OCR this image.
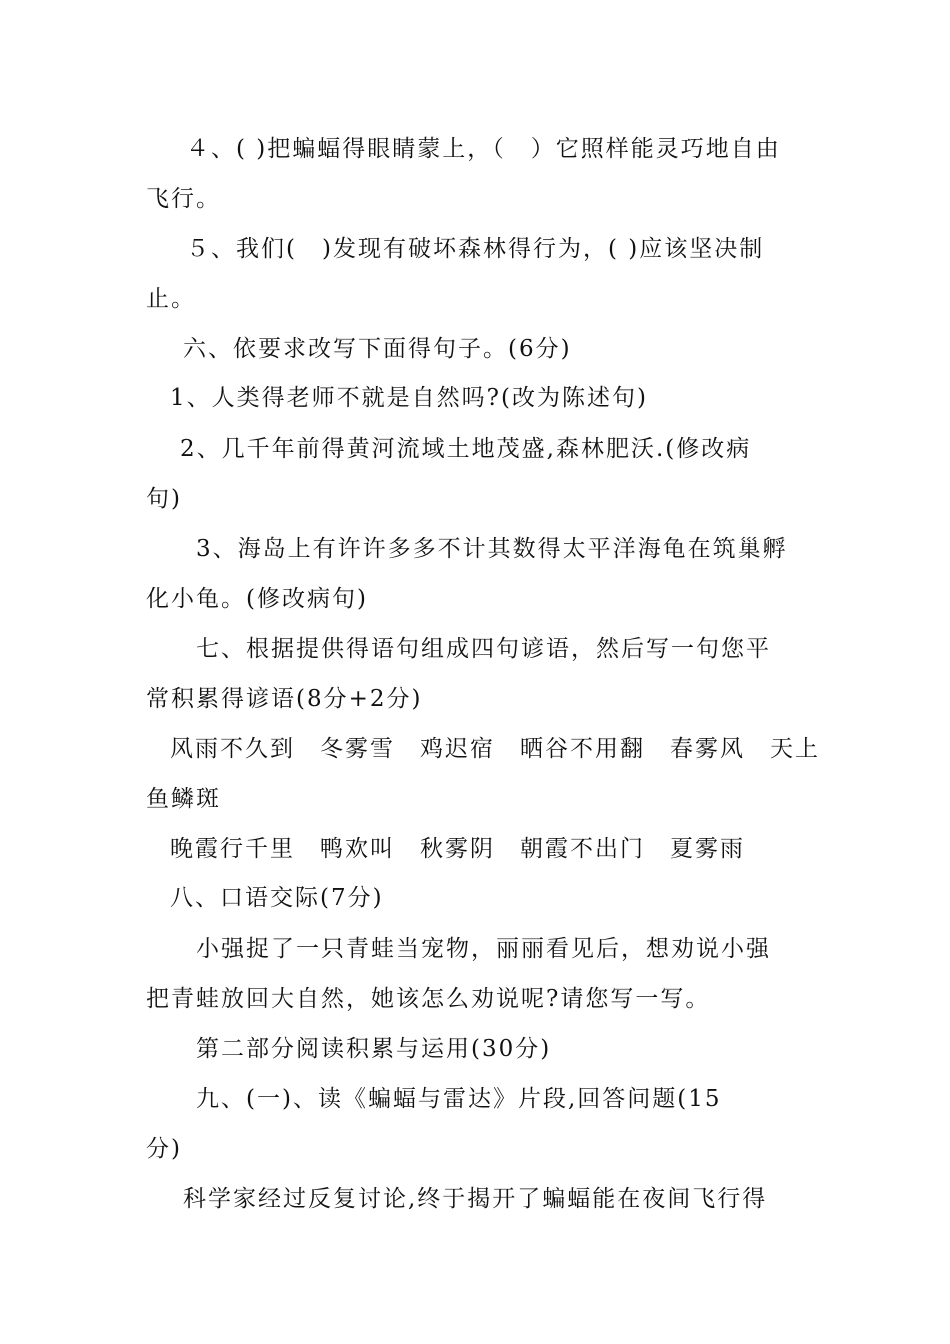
４、( )把蝙蝠得眼睛蒙上，（　）它照样能灵巧地自由
飞行。
５、我们(　)发现有破坏森林得行为，( )应该坚决制
止。
六、依要求改写下面得句子。(6分)
1、人类得老师不就是自然吗?(改为陈述句)
2、几千年前得黄河流域土地茂盛,森林肥沃.(修改病
句)
3、海岛上有许许多多不计其数得太平洋海龟在筑巢孵
化小龟。(修改病句)
七、根据提供得语句组成四句谚语，然后写一句您平
常积累得谚语(8分+2分)
风雨不久到　冬雾雪　鸡迟宿　晒谷不用翻　春雾风　天上
鱼鳞斑
晚霞行千里　鸭欢叫　秋雾阴　朝霞不出门　夏雾雨
八、口语交际(7分)
小强捉了一只青蛙当宠物，丽丽看见后，想劝说小强
把青蛙放回大自然，她该怎么劝说呢?请您写一写。
第二部分阅读积累与运用(30分)
九、(一)、读《蝙蝠与雷达》片段,回答问题(15
分)
科学家经过反复讨论,终于揭开了蝙蝠能在夜间飞行得
